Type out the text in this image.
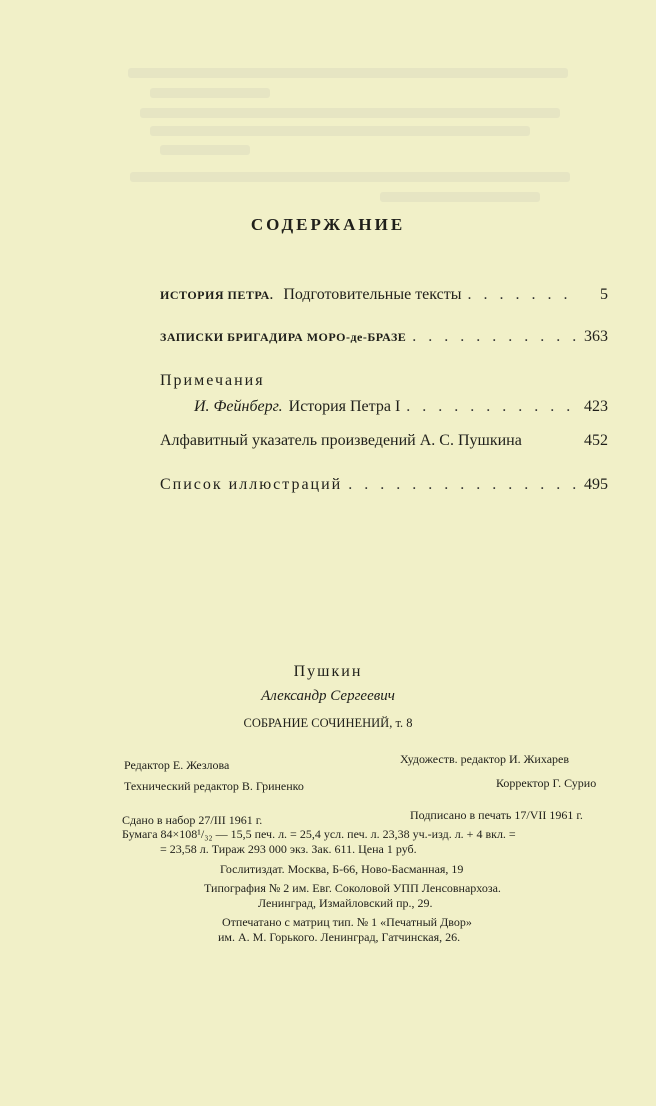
СОДЕРЖАНИЕ
ИСТОРИЯ ПЕТРА. Подготовительные тексты . . .	5
ЗАПИСКИ БРИГАДИРА МОРО-де-БРАЗЕ . . .	363
Примечания
И. Фейнберг. История Петра I . . .	423
Алфавитный указатель произведений А. С. Пушкина	452
Список иллюстраций . . .	495
Пушкин
Александр Сергеевич
СОБРАНИЕ СОЧИНЕНИЙ, т. 8
Редактор Е. Жезлова	Художеств. редактор И. Жихарев
Технический редактор В. Гриненко	Корректор Г. Сурио
Сдано в набор 27/III 1961 г.	Подписано в печать 17/VII 1961 г.
Бумага 84×108¹/₃₂ — 15,5 печ. л. = 25,4 усл. печ. л. 23,38 уч.-изд. л. + 4 вкл. =
= 23,58 л. Тираж 293 000 экз. Зак. 611. Цена 1 руб.
Гослитиздат. Москва, Б-66, Ново-Басманная, 19
Типография № 2 им. Евг. Соколовой УПП Ленсовнархоза.
Ленинград, Измайловский пр., 29.
Отпечатано с матриц тип. № 1 «Печатный Двор»
им. А. М. Горького. Ленинград, Гатчинская, 26.
